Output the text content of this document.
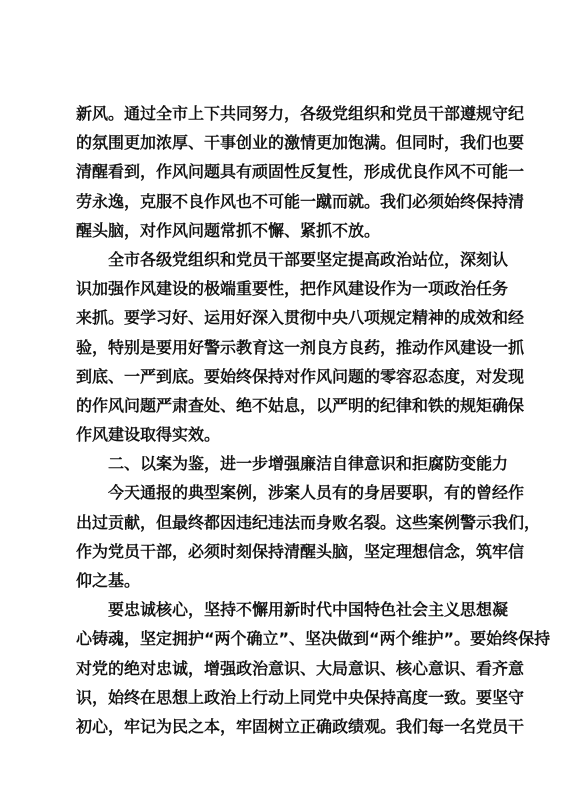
新风。通过全市上下共同努力，各级党组织和党员干部遵规守纪
的氛围更加浓厚、干事创业的激情更加饱满。但同时，我们也要
清醒看到，作风问题具有顽固性反复性，形成优良作风不可能一
劳永逸，克服不良作风也不可能一蹴而就。我们必须始终保持清
醒头脑，对作风问题常抓不懈、紧抓不放。
全市各级党组织和党员干部要坚定提高政治站位，深刻认
识加强作风建设的极端重要性，把作风建设作为一项政治任务
来抓。要学习好、运用好深入贯彻中央八项规定精神的成效和经
验，特别是要用好警示教育这一剂良方良药，推动作风建设一抓
到底、一严到底。要始终保持对作风问题的零容忍态度，对发现
的作风问题严肃查处、绝不姑息，以严明的纪律和铁的规矩确保
作风建设取得实效。
二、以案为鉴，进一步增强廉洁自律意识和拒腐防变能力
今天通报的典型案例，涉案人员有的身居要职，有的曾经作
出过贡献，但最终都因违纪违法而身败名裂。这些案例警示我们，
作为党员干部，必须时刻保持清醒头脑，坚定理想信念，筑牢信
仰之基。
要忠诚核心，坚持不懈用新时代中国特色社会主义思想凝
心铸魂，坚定拥护“两个确立”、坚决做到“两个维护”。要始终保持
对党的绝对忠诚，增强政治意识、大局意识、核心意识、看齐意
识，始终在思想上政治上行动上同党中央保持高度一致。要坚守
初心，牢记为民之本，牢固树立正确政绩观。我们每一名党员干
